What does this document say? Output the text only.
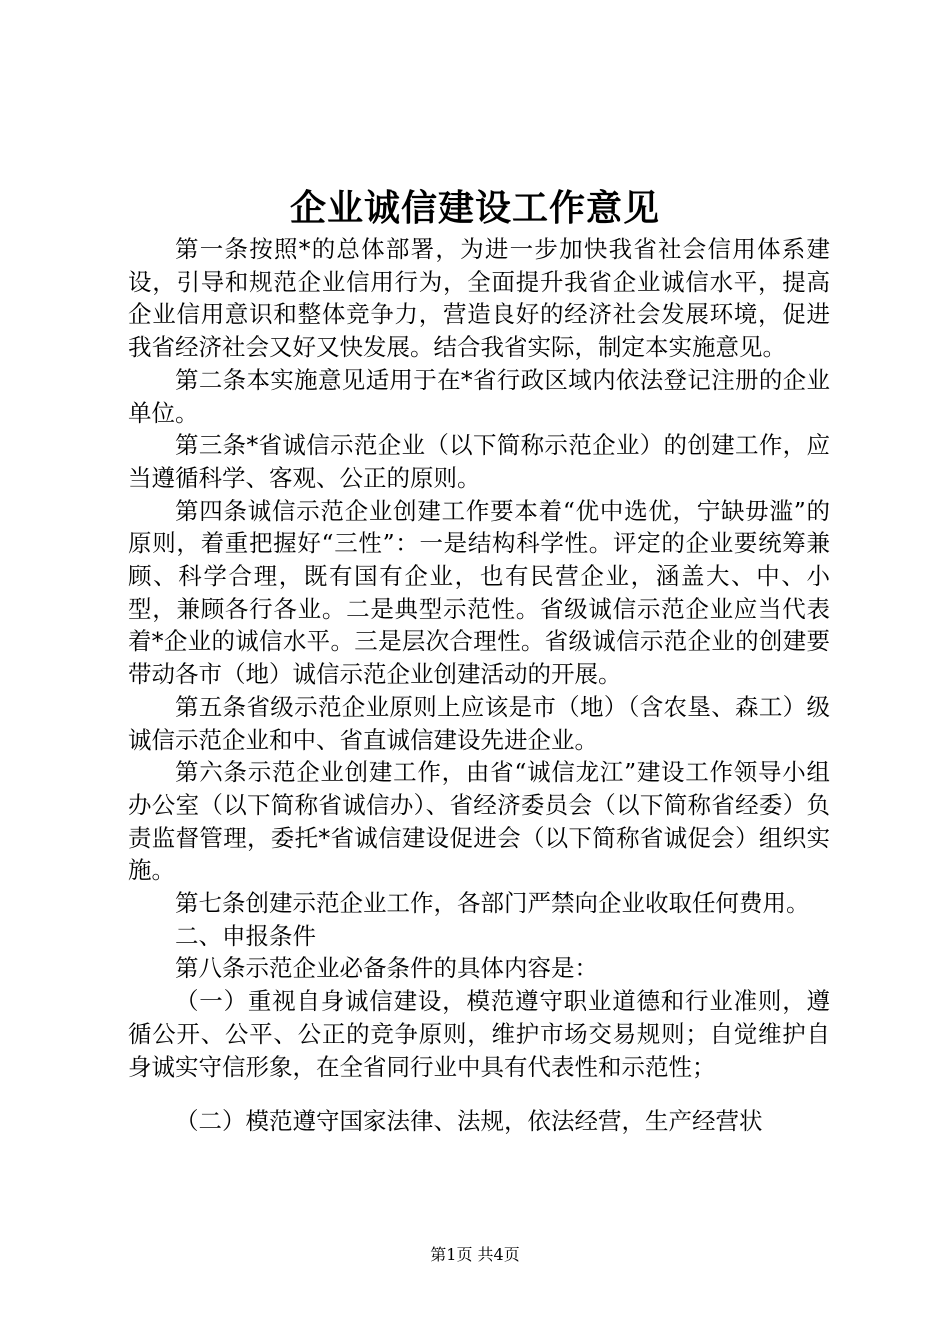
企业诚信建设工作意见

第一条按照*的总体部署，为进一步加快我省社会信用体系建设，引导和规范企业信用行为，全面提升我省企业诚信水平，提高企业信用意识和整体竞争力，营造良好的经济社会发展环境，促进我省经济社会又好又快发展。结合我省实际，制定本实施意见。

第二条本实施意见适用于在*省行政区域内依法登记注册的企业单位。

第三条*省诚信示范企业（以下简称示范企业）的创建工作，应当遵循科学、客观、公正的原则。

第四条诚信示范企业创建工作要本着“优中选优，宁缺毋滥”的原则，着重把握好“三性”：一是结构科学性。评定的企业要统筹兼顾、科学合理，既有国有企业，也有民营企业，涵盖大、中、小型，兼顾各行各业。二是典型示范性。省级诚信示范企业应当代表着*企业的诚信水平。三是层次合理性。省级诚信示范企业的创建要带动各市（地）诚信示范企业创建活动的开展。

第五条省级示范企业原则上应该是市（地）（含农垦、森工）级诚信示范企业和中、省直诚信建设先进企业。

第六条示范企业创建工作，由省“诚信龙江”建设工作领导小组办公室（以下简称省诚信办）、省经济委员会（以下简称省经委）负责监督管理，委托*省诚信建设促进会（以下简称省诚促会）组织实施。

第七条创建示范企业工作，各部门严禁向企业收取任何费用。

二、申报条件

第八条示范企业必备条件的具体内容是：

（一）重视自身诚信建设，模范遵守职业道德和行业准则，遵循公开、公平、公正的竞争原则，维护市场交易规则；自觉维护自身诚实守信形象，在全省同行业中具有代表性和示范性；

（二）模范遵守国家法律、法规，依法经营，生产经营状

第1页 共4页
